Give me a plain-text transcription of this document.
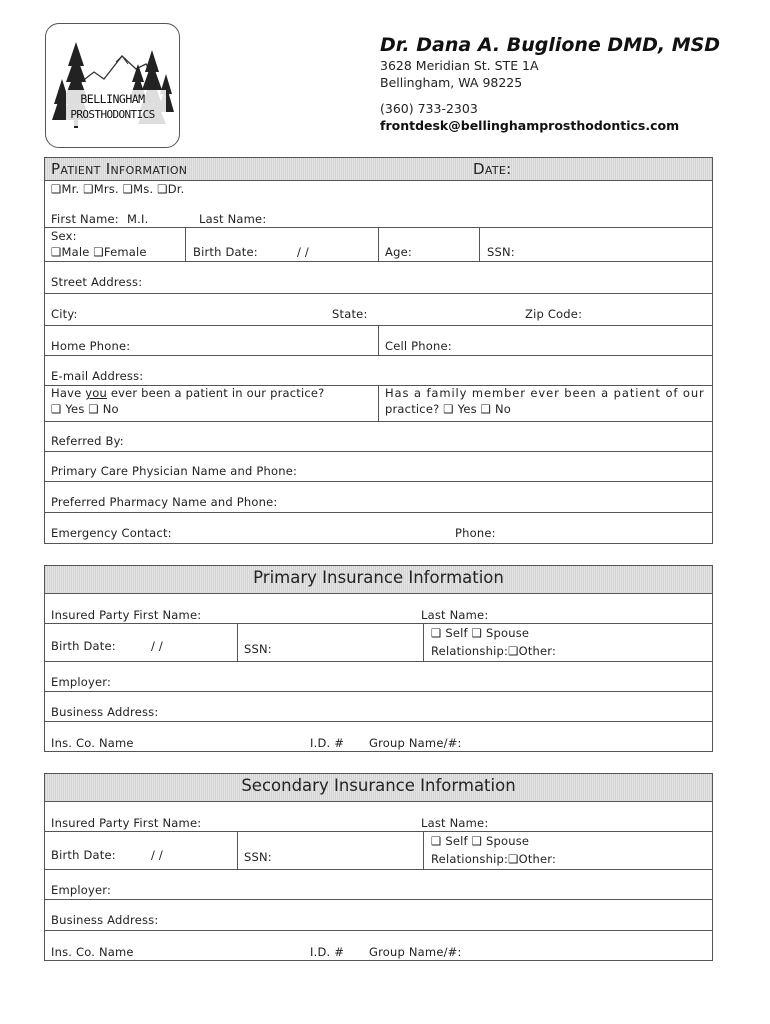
BELLINGHAM
PROSTHODONTICS
Dr. Dana A. Buglione DMD, MSD
3628 Meridian St. STE 1A
Bellingham, WA 98225
(360) 733-2303
frontdesk@bellinghamprosthodontics.com
Patient Information	Date:
❑Mr. ❑Mrs. ❑Ms. ❑Dr.
First Name: M.I.	Last Name:
Sex:
❑Male ❑Female	Birth Date:	/ /	Age:	SSN:
Street Address:
City:	State:	Zip Code:
Home Phone:	Cell Phone:
E-mail Address:
Have you ever been a patient in our practice?
❑ Yes ❑ No
Has a family member ever been a patient of our
practice? ❑ Yes ❑ No
Referred By:
Primary Care Physician Name and Phone:
Preferred Pharmacy Name and Phone:
Emergency Contact:	Phone:
Primary Insurance Information
Insured Party First Name:	Last Name:
Birth Date:	/ /	SSN:
❑ Self ❑ Spouse
Relationship:❑Other:
Employer:
Business Address:
Ins. Co. Name	I.D. # Group Name/#:
Secondary Insurance Information
Insured Party First Name:	Last Name:
Birth Date:	/ /	SSN:
❑ Self ❑ Spouse
Relationship:❑Other:
Employer:
Business Address:
Ins. Co. Name	I.D. # Group Name/#:
